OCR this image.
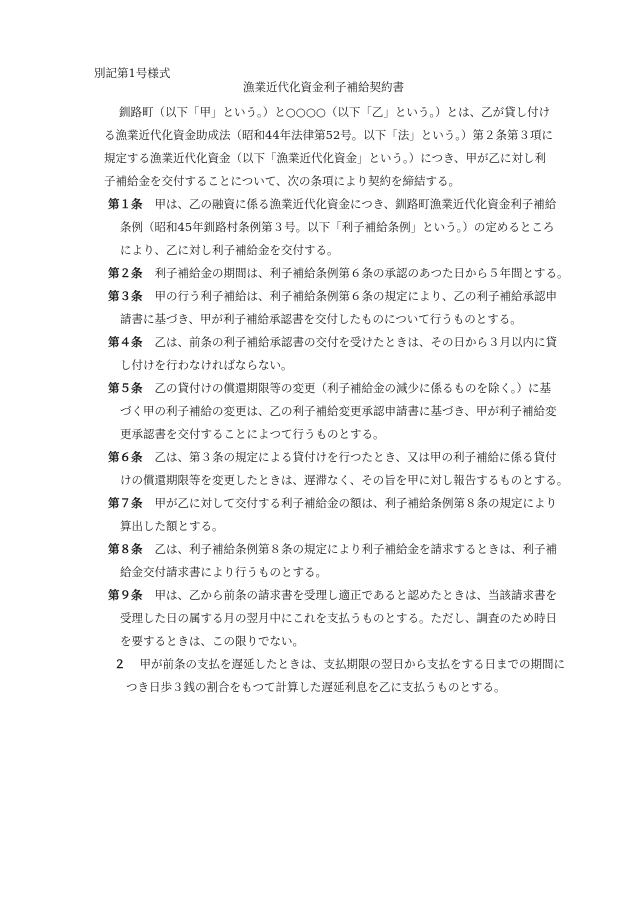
別記第1号様式
漁業近代化資金利子補給契約書
釧路町（以下「甲」という。）と○○○○（以下「乙」という。）とは、乙が貸し付け
る漁業近代化資金助成法（昭和44年法律第52号。以下「法」という。）第２条第３項に
規定する漁業近代化資金（以下「漁業近代化資金」という。）につき、甲が乙に対し利
子補給金を交付することについて、次の条項により契約を締結する。
第１条 甲は、乙の融資に係る漁業近代化資金につき、釧路町漁業近代化資金利子補給
条例（昭和45年釧路村条例第３号。以下「利子補給条例」という。）の定めるところ
により、乙に対し利子補給金を交付する。
第２条 利子補給金の期間は、利子補給条例第６条の承認のあつた日から５年間とする。
第３条 甲の行う利子補給は、利子補給条例第６条の規定により、乙の利子補給承認申
請書に基づき、甲が利子補給承認書を交付したものについて行うものとする。
第４条 乙は、前条の利子補給承認書の交付を受けたときは、その日から３月以内に貸
し付けを行わなければならない。
第５条 乙の貸付けの償還期限等の変更（利子補給金の減少に係るものを除く。）に基
づく甲の利子補給の変更は、乙の利子補給変更承認申請書に基づき、甲が利子補給変
更承認書を交付することによつて行うものとする。
第６条 乙は、第３条の規定による貸付けを行つたとき、又は甲の利子補給に係る貸付
けの償還期限等を変更したときは、遅滞なく、その旨を甲に対し報告するものとする。
第７条 甲が乙に対して交付する利子補給金の額は、利子補給条例第８条の規定により
算出した額とする。
第８条 乙は、利子補給条例第８条の規定により利子補給金を請求するときは、利子補
給金交付請求書により行うものとする。
第９条 甲は、乙から前条の請求書を受理し適正であると認めたときは、当該請求書を
受理した日の属する月の翌月中にこれを支払うものとする。ただし、調査のため時日
を要するときは、この限りでない。
２ 甲が前条の支払を遅延したときは、支払期限の翌日から支払をする日までの期間に
つき日歩３銭の割合をもつて計算した遅延利息を乙に支払うものとする。
